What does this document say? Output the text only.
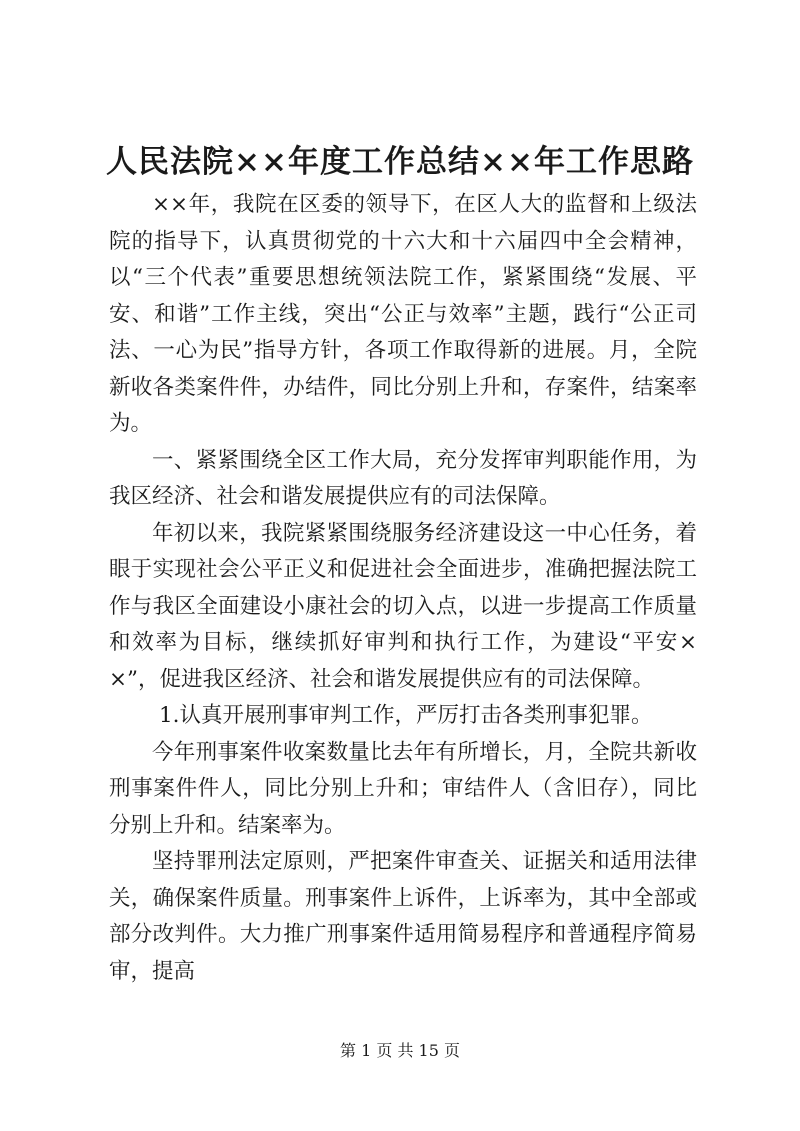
人民法院××年度工作总结××年工作思路

××年，我院在区委的领导下，在区人大的监督和上级法院的指导下，认真贯彻党的十六大和十六届四中全会精神，以“三个代表”重要思想统领法院工作，紧紧围绕“发展、平安、和谐”工作主线，突出“公正与效率”主题，践行“公正司法、一心为民”指导方针，各项工作取得新的进展。月，全院新收各类案件件，办结件，同比分别上升和，存案件，结案率为。

一、紧紧围绕全区工作大局，充分发挥审判职能作用，为我区经济、社会和谐发展提供应有的司法保障。

年初以来，我院紧紧围绕服务经济建设这一中心任务，着眼于实现社会公平正义和促进社会全面进步，准确把握法院工作与我区全面建设小康社会的切入点，以进一步提高工作质量和效率为目标，继续抓好审判和执行工作，为建设“平安××”，促进我区经济、社会和谐发展提供应有的司法保障。

1.认真开展刑事审判工作，严厉打击各类刑事犯罪。

今年刑事案件收案数量比去年有所增长，月，全院共新收刑事案件件人，同比分别上升和；审结件人（含旧存），同比分别上升和。结案率为。

坚持罪刑法定原则，严把案件审查关、证据关和适用法律关，确保案件质量。刑事案件上诉件，上诉率为，其中全部或部分改判件。大力推广刑事案件适用简易程序和普通程序简易审，提高

第 1 页 共 15 页
